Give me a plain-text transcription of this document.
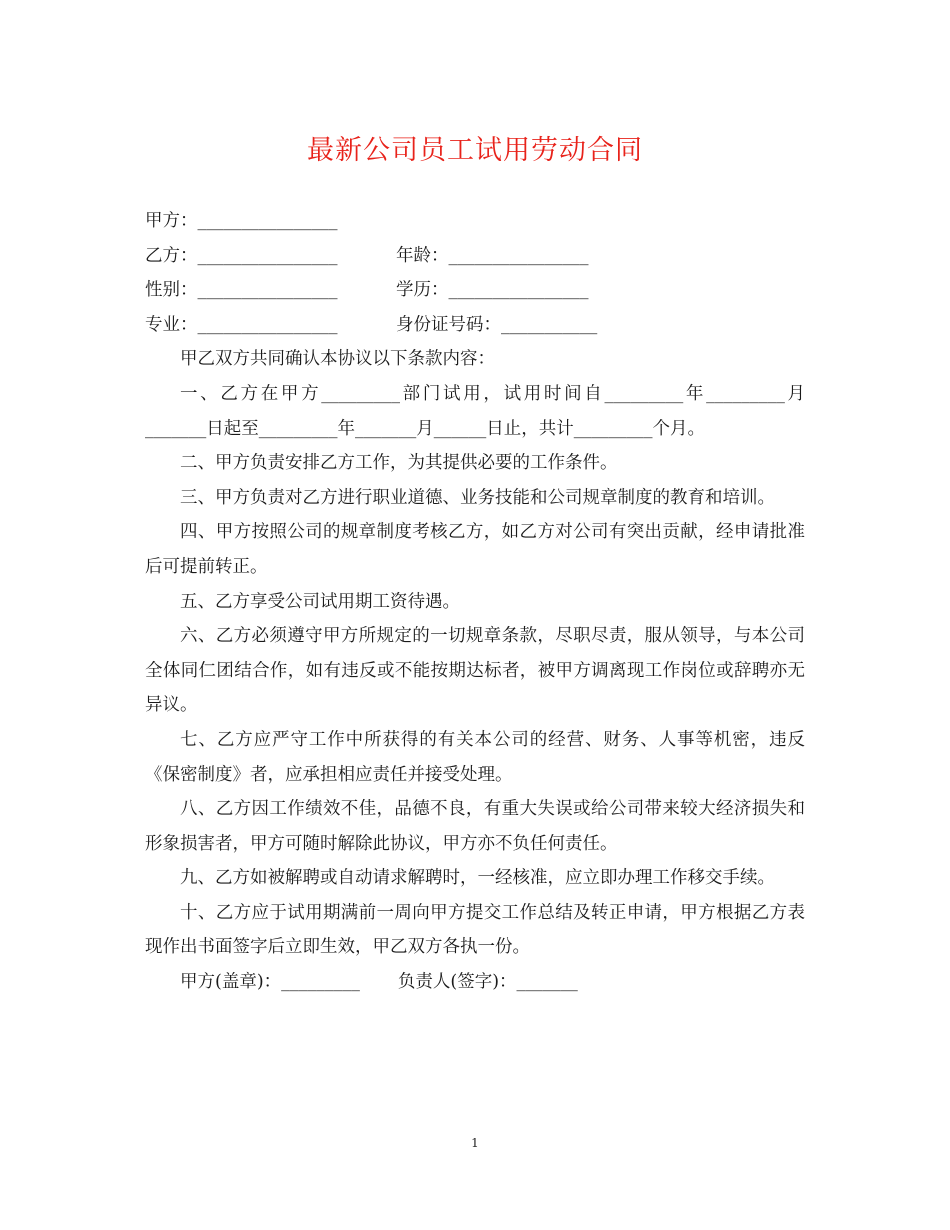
最新公司员工试用劳动合同
甲方：________________
乙方：________________	年龄：________________
性别：________________	学历：________________
专业：________________	身份证号码：___________

甲乙双方共同确认本协议以下条款内容：

一、乙方在甲方_________部门试用，试用时间自_________年_________月_______日起至_________年_______月______日止，共计_________个月。

二、甲方负责安排乙方工作，为其提供必要的工作条件。

三、甲方负责对乙方进行职业道德、业务技能和公司规章制度的教育和培训。

四、甲方按照公司的规章制度考核乙方，如乙方对公司有突出贡献，经申请批准后可提前转正。

五、乙方享受公司试用期工资待遇。

六、乙方必须遵守甲方所规定的一切规章条款，尽职尽责，服从领导，与本公司全体同仁团结合作，如有违反或不能按期达标者，被甲方调离现工作岗位或辞聘亦无异议。

七、乙方应严守工作中所获得的有关本公司的经营、财务、人事等机密，违反《保密制度》者，应承担相应责任并接受处理。

八、乙方因工作绩效不佳，品德不良，有重大失误或给公司带来较大经济损失和形象损害者，甲方可随时解除此协议，甲方亦不负任何责任。

九、乙方如被解聘或自动请求解聘时，一经核准，应立即办理工作移交手续。

十、乙方应于试用期满前一周向甲方提交工作总结及转正申请，甲方根据乙方表现作出书面签字后立即生效，甲乙双方各执一份。

甲方(盖章)：_________ 负责人(签字)：_______
1
